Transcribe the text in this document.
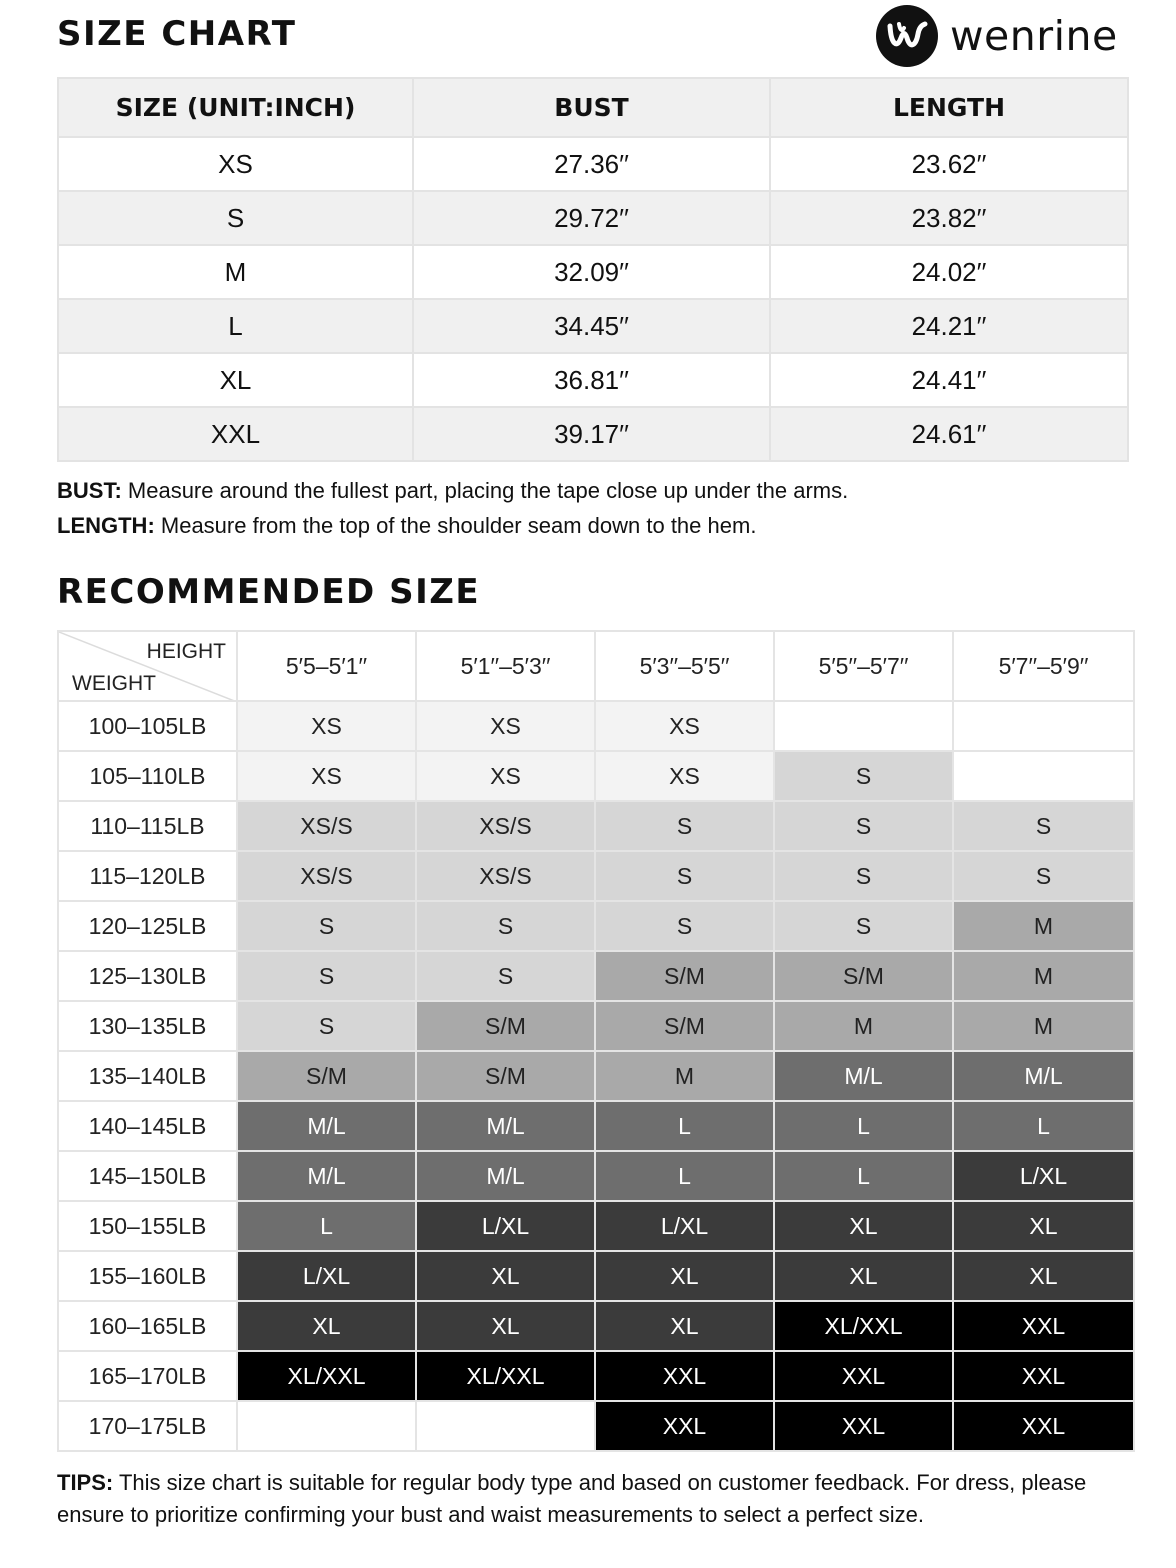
SIZE CHART	wenrine
SIZE (UNIT:INCH)	BUST	LENGTH
XS	27.36′′	23.62′′
S	29.72′′	23.82′′
M	32.09′′	24.02′′
L	34.45′′	24.21′′
XL	36.81′′	24.41′′
XXL	39.17′′	24.61′′
BUST: Measure around the fullest part, placing the tape close up under the arms.
LENGTH: Measure from the top of the shoulder seam down to the hem.
RECOMMENDED SIZE
HEIGHT
WEIGHT	5′5–5′1′′	5′1′′–5′3′′	5′3′′–5′5′′	5′5′′–5′7′′	5′7′′–5′9′′
100–105LB	XS	XS	XS		
105–110LB	XS	XS	XS	S	
110–115LB	XS/S	XS/S	S	S	S
115–120LB	XS/S	XS/S	S	S	S
120–125LB	S	S	S	S	M
125–130LB	S	S	S/M	S/M	M
130–135LB	S	S/M	S/M	M	M
135–140LB	S/M	S/M	M	M/L	M/L
140–145LB	M/L	M/L	L	L	L
145–150LB	M/L	M/L	L	L	L/XL
150–155LB	L	L/XL	L/XL	XL	XL
155–160LB	L/XL	XL	XL	XL	XL
160–165LB	XL	XL	XL	XL/XXL	XXL
165–170LB	XL/XXL	XL/XXL	XXL	XXL	XXL
170–175LB			XXL	XXL	XXL
TIPS: This size chart is suitable for regular body type and based on customer feedback. For dress, please ensure to prioritize confirming your bust and waist measurements to select a perfect size.
